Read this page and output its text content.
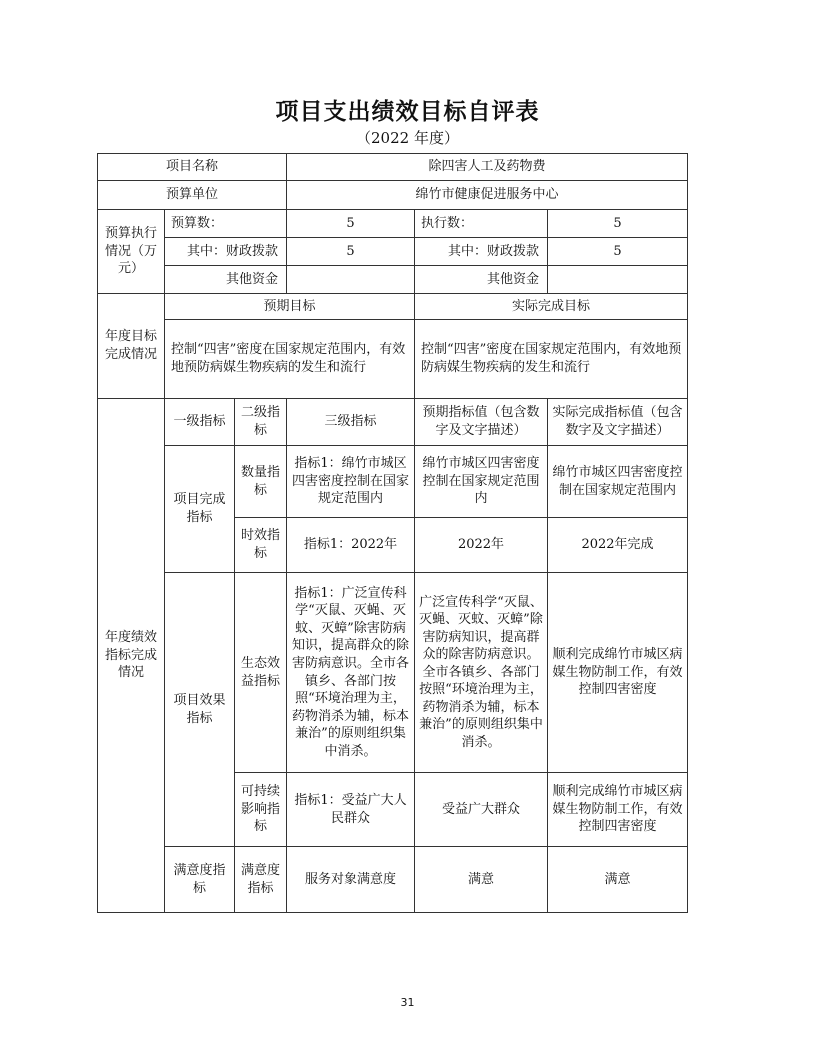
项目支出绩效目标自评表
（2022 年度）
项目名称			除四害人工及药物费		
预算单位			绵竹市健康促进服务中心		
预算执行情况（万元）	预算数：		5	执行数：	5
	其中：财政拨款		5	其中：财政拨款	5
	其他资金			其他资金	
年度目标完成情况	预期目标			实际完成目标	
	控制“四害”密度在国家规定范围内，有效地预防病媒生物疾病的发生和流行			控制“四害”密度在国家规定范围内，有效地预防病媒生物疾病的发生和流行	
年度绩效指标完成情况	一级指标	二级指标	三级指标	预期指标值（包含数字及文字描述）	实际完成指标值（包含数字及文字描述）
	项目完成指标	数量指标	指标1：绵竹市城区四害密度控制在国家规定范围内	绵竹市城区四害密度控制在国家规定范围内	绵竹市城区四害密度控制在国家规定范围内
		时效指标	指标1：2022年	2022年	2022年完成
	项目效果指标	生态效益指标	指标1：广泛宣传科学“灭鼠、灭蝇、灭蚊、灭蟑”除害防病知识，提高群众的除害防病意识。全市各镇乡、各部门按照“环境治理为主，药物消杀为辅，标本兼治”的原则组织集中消杀。	广泛宣传科学“灭鼠、灭蝇、灭蚊、灭蟑”除害防病知识，提高群众的除害防病意识。全市各镇乡、各部门按照“环境治理为主，药物消杀为辅，标本兼治”的原则组织集中消杀。	顺利完成绵竹市城区病媒生物防制工作，有效控制四害密度
		可持续影响指标	指标1：受益广大人民群众	受益广大群众	顺利完成绵竹市城区病媒生物防制工作，有效控制四害密度
	满意度指标	满意度指标	服务对象满意度	满意	满意
31
